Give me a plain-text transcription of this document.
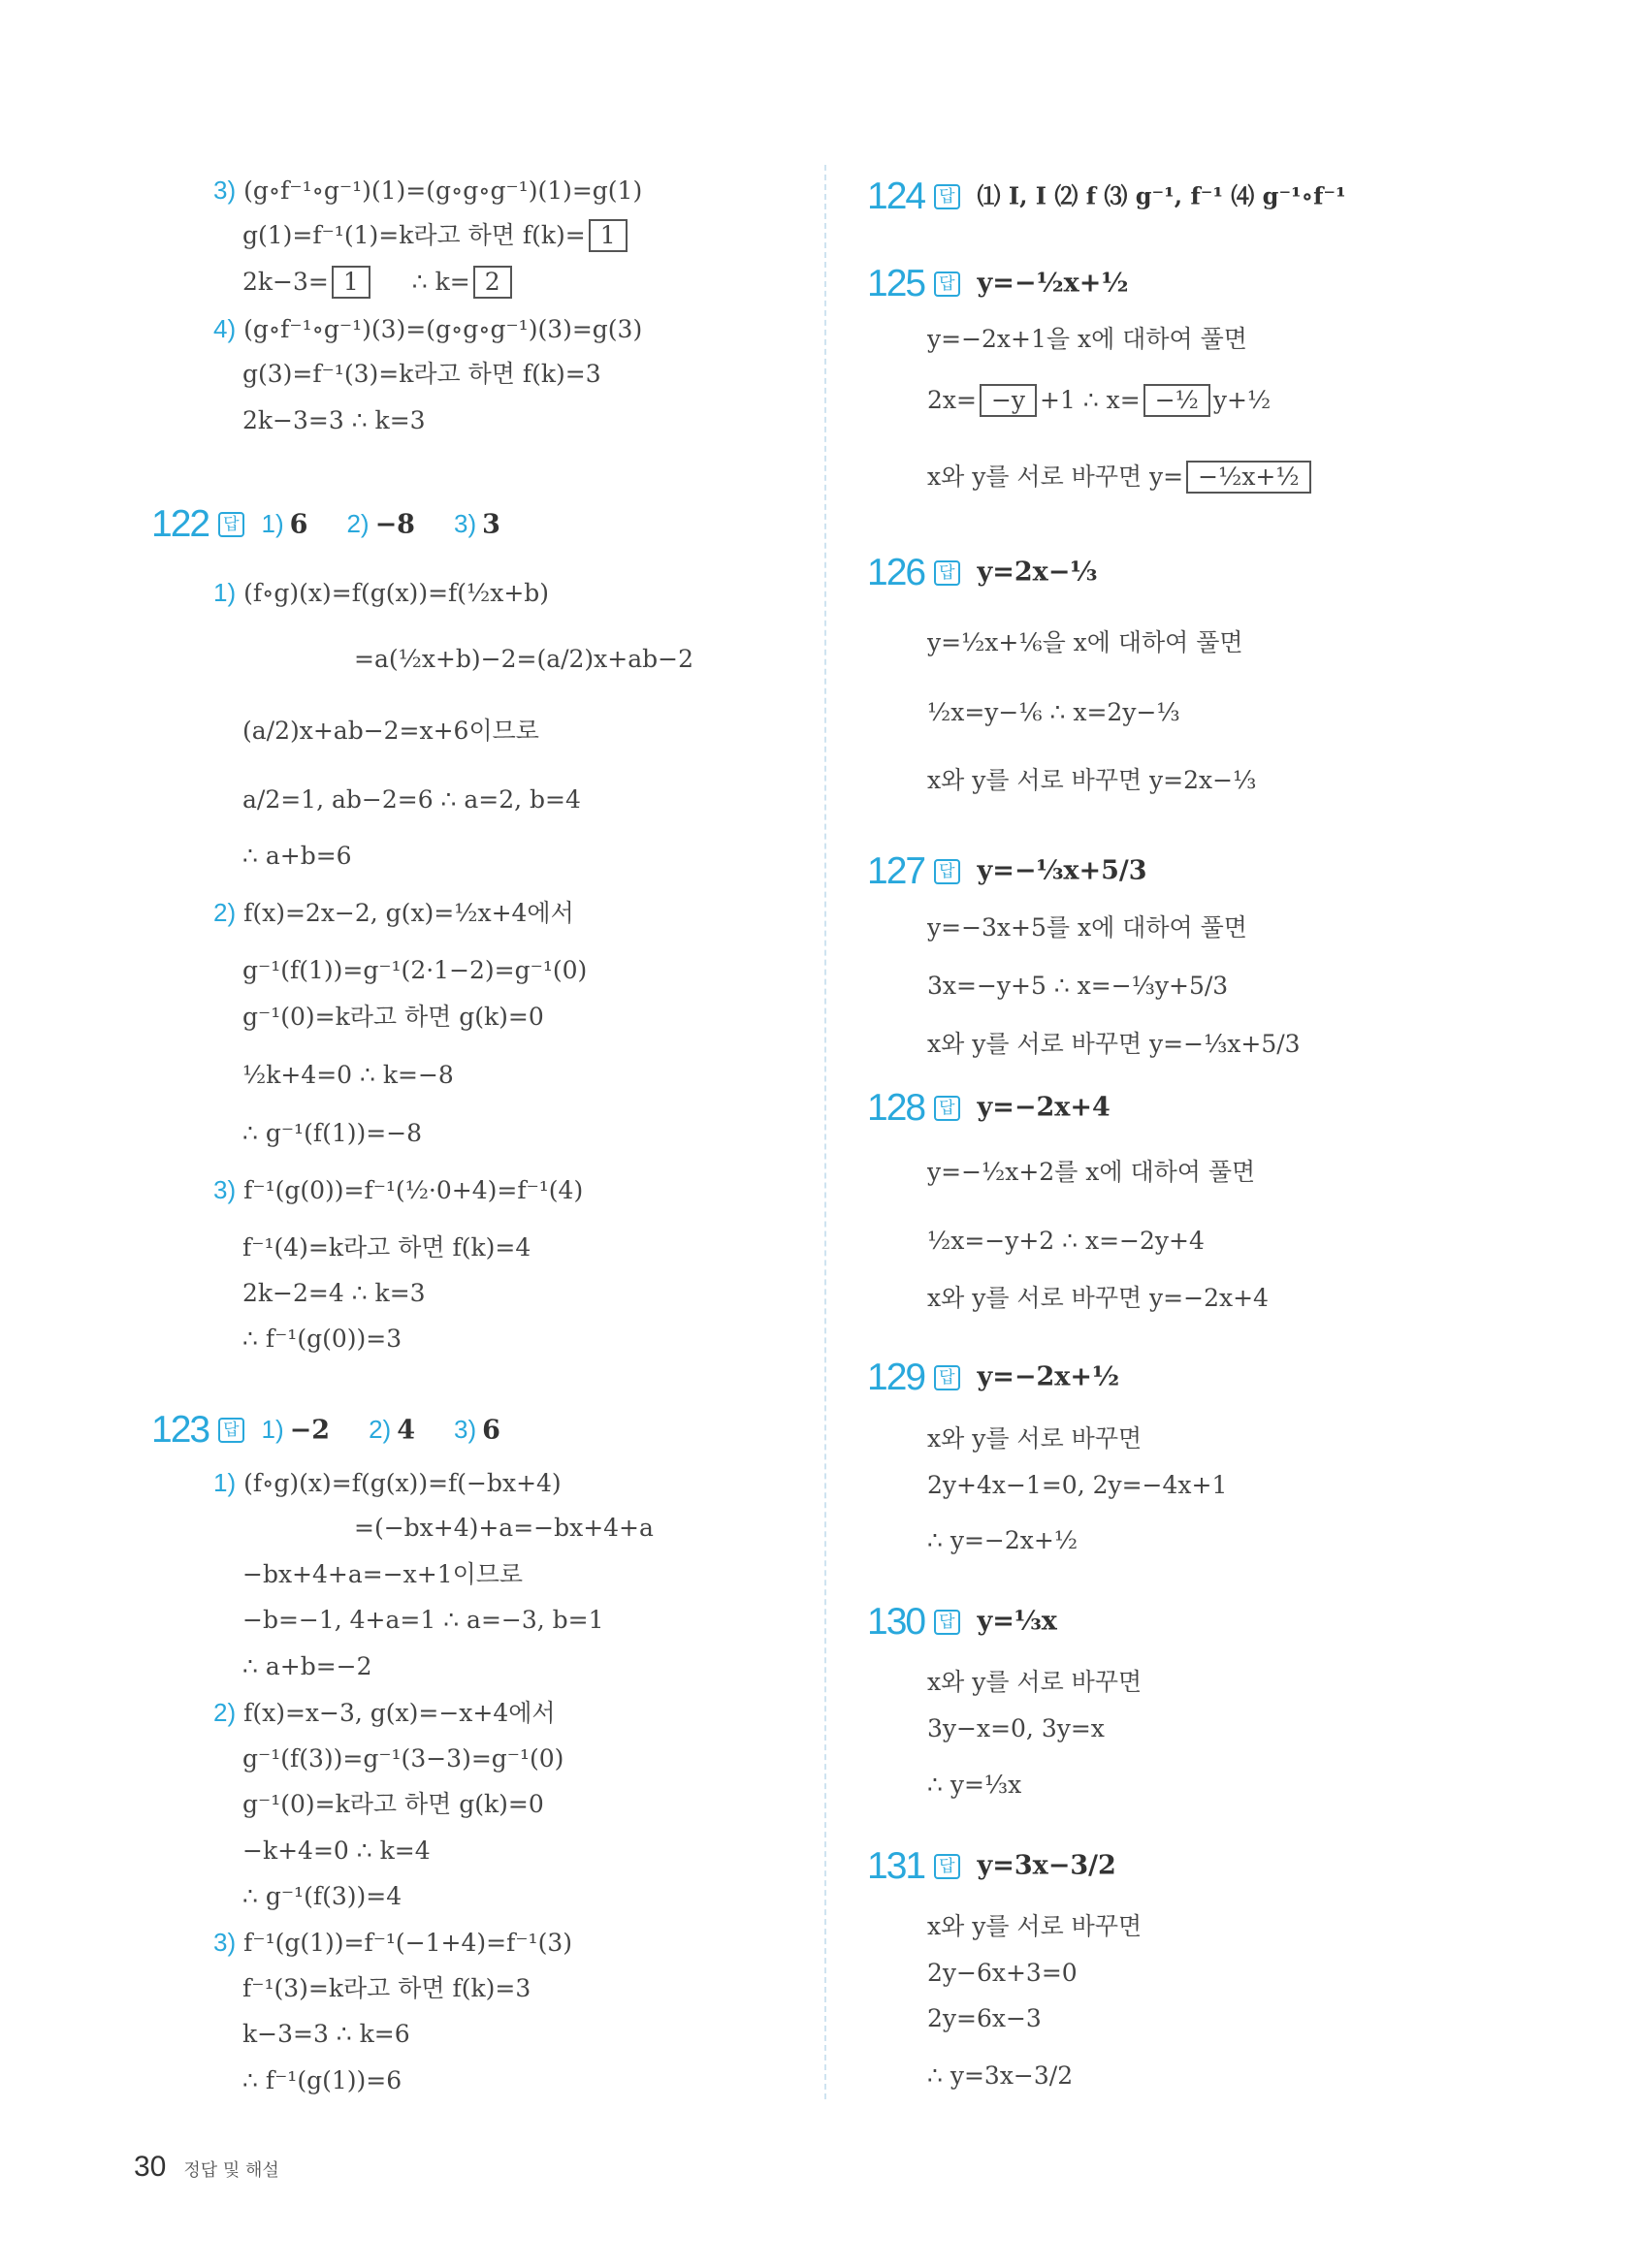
3) (g∘f⁻¹∘g⁻¹)(1)=(g∘g∘g⁻¹)(1)=g(1)
g(1)=f⁻¹(1)=k라고 하면 f(k)= 1
2k−3= 1 ∴ k= 2
4) (g∘f⁻¹∘g⁻¹)(3)=(g∘g∘g⁻¹)(3)=g(3)
g(3)=f⁻¹(3)=k라고 하면 f(k)=3
2k−3=3 ∴ k=3
122 답 1) 6 2) −8 3) 3
1) (f∘g)(x)=f(g(x))=f(½x+b)
=a(½x+b)−2=(a/2)x+ab−2
(a/2)x+ab−2=x+6이므로
a/2=1, ab−2=6 ∴ a=2, b=4
∴ a+b=6
2) f(x)=2x−2, g(x)=½x+4에서
g⁻¹(f(1))=g⁻¹(2·1−2)=g⁻¹(0)
g⁻¹(0)=k라고 하면 g(k)=0
½k+4=0 ∴ k=−8
∴ g⁻¹(f(1))=−8
3) f⁻¹(g(0))=f⁻¹(½·0+4)=f⁻¹(4)
f⁻¹(4)=k라고 하면 f(k)=4
2k−2=4 ∴ k=3
∴ f⁻¹(g(0))=3
123 답 1) −2 2) 4 3) 6
1) (f∘g)(x)=f(g(x))=f(−bx+4)
=(−bx+4)+a=−bx+4+a
−bx+4+a=−x+1이므로
−b=−1, 4+a=1 ∴ a=−3, b=1
∴ a+b=−2
2) f(x)=x−3, g(x)=−x+4에서
g⁻¹(f(3))=g⁻¹(3−3)=g⁻¹(0)
g⁻¹(0)=k라고 하면 g(k)=0
−k+4=0 ∴ k=4
∴ g⁻¹(f(3))=4
3) f⁻¹(g(1))=f⁻¹(−1+4)=f⁻¹(3)
f⁻¹(3)=k라고 하면 f(k)=3
k−3=3 ∴ k=6
∴ f⁻¹(g(1))=6
124 답 ⑴ I, I ⑵ f ⑶ g⁻¹, f⁻¹ ⑷ g⁻¹∘f⁻¹
125 답 y=−½x+½
y=−2x+1을 x에 대하여 풀면
2x= −y +1 ∴ x= −½ y+½
x와 y를 서로 바꾸면 y= −½x+½
126 답 y=2x−⅓
y=½x+⅙을 x에 대하여 풀면
½x=y−⅙ ∴ x=2y−⅓
x와 y를 서로 바꾸면 y=2x−⅓
127 답 y=−⅓x+5/3
y=−3x+5를 x에 대하여 풀면
3x=−y+5 ∴ x=−⅓y+5/3
x와 y를 서로 바꾸면 y=−⅓x+5/3
128 답 y=−2x+4
y=−½x+2를 x에 대하여 풀면
½x=−y+2 ∴ x=−2y+4
x와 y를 서로 바꾸면 y=−2x+4
129 답 y=−2x+½
x와 y를 서로 바꾸면
2y+4x−1=0, 2y=−4x+1
∴ y=−2x+½
130 답 y=⅓x
x와 y를 서로 바꾸면
3y−x=0, 3y=x
∴ y=⅓x
131 답 y=3x−3/2
x와 y를 서로 바꾸면
2y−6x+3=0
2y=6x−3
∴ y=3x−3/2
30 정답 및 해설
